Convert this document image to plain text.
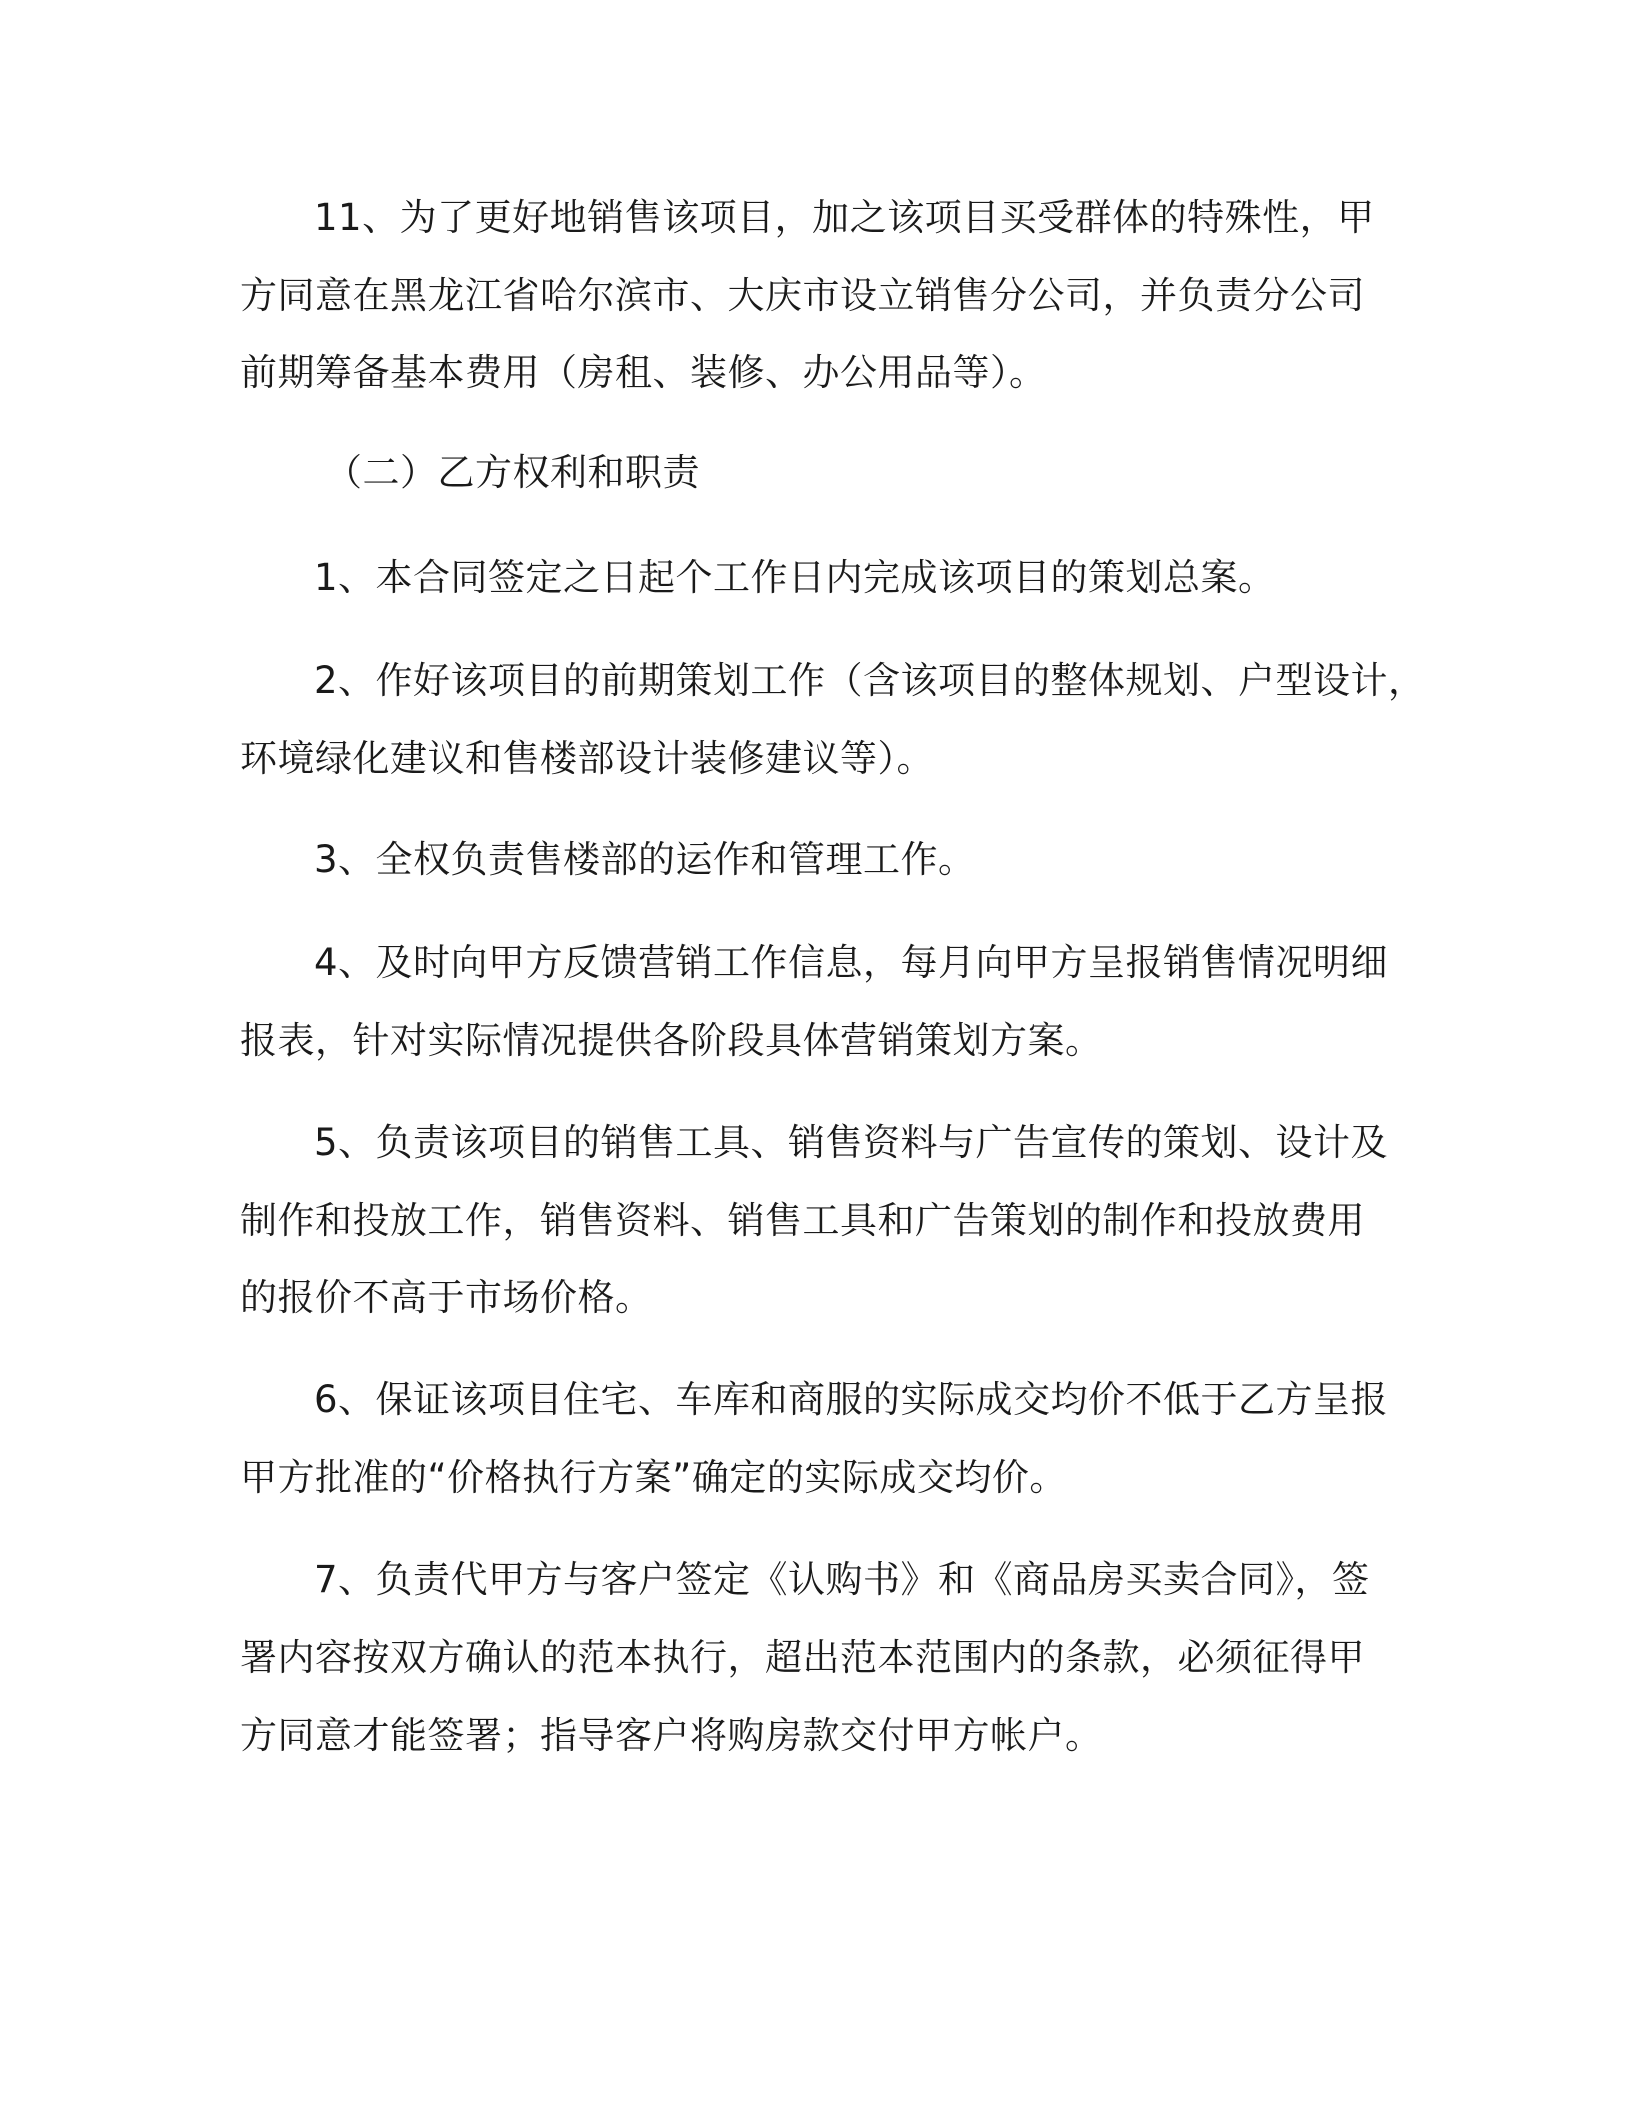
11、为了更好地销售该项目，加之该项目买受群体的特殊性，甲
方同意在黑龙江省哈尔滨市、大庆市设立销售分公司，并负责分公司
前期筹备基本费用（房租、装修、办公用品等）。
（二）乙方权利和职责
1、本合同签定之日起个工作日内完成该项目的策划总案。
2、作好该项目的前期策划工作（含该项目的整体规划、户型设计，
环境绿化建议和售楼部设计装修建议等）。
3、全权负责售楼部的运作和管理工作。
4、及时向甲方反馈营销工作信息，每月向甲方呈报销售情况明细
报表，针对实际情况提供各阶段具体营销策划方案。
5、负责该项目的销售工具、销售资料与广告宣传的策划、设计及
制作和投放工作，销售资料、销售工具和广告策划的制作和投放费用
的报价不高于市场价格。
6、保证该项目住宅、车库和商服的实际成交均价不低于乙方呈报
甲方批准的“价格执行方案”确定的实际成交均价。
7、负责代甲方与客户签定《认购书》和《商品房买卖合同》，签
署内容按双方确认的范本执行，超出范本范围内的条款，必须征得甲
方同意才能签署；指导客户将购房款交付甲方帐户。
